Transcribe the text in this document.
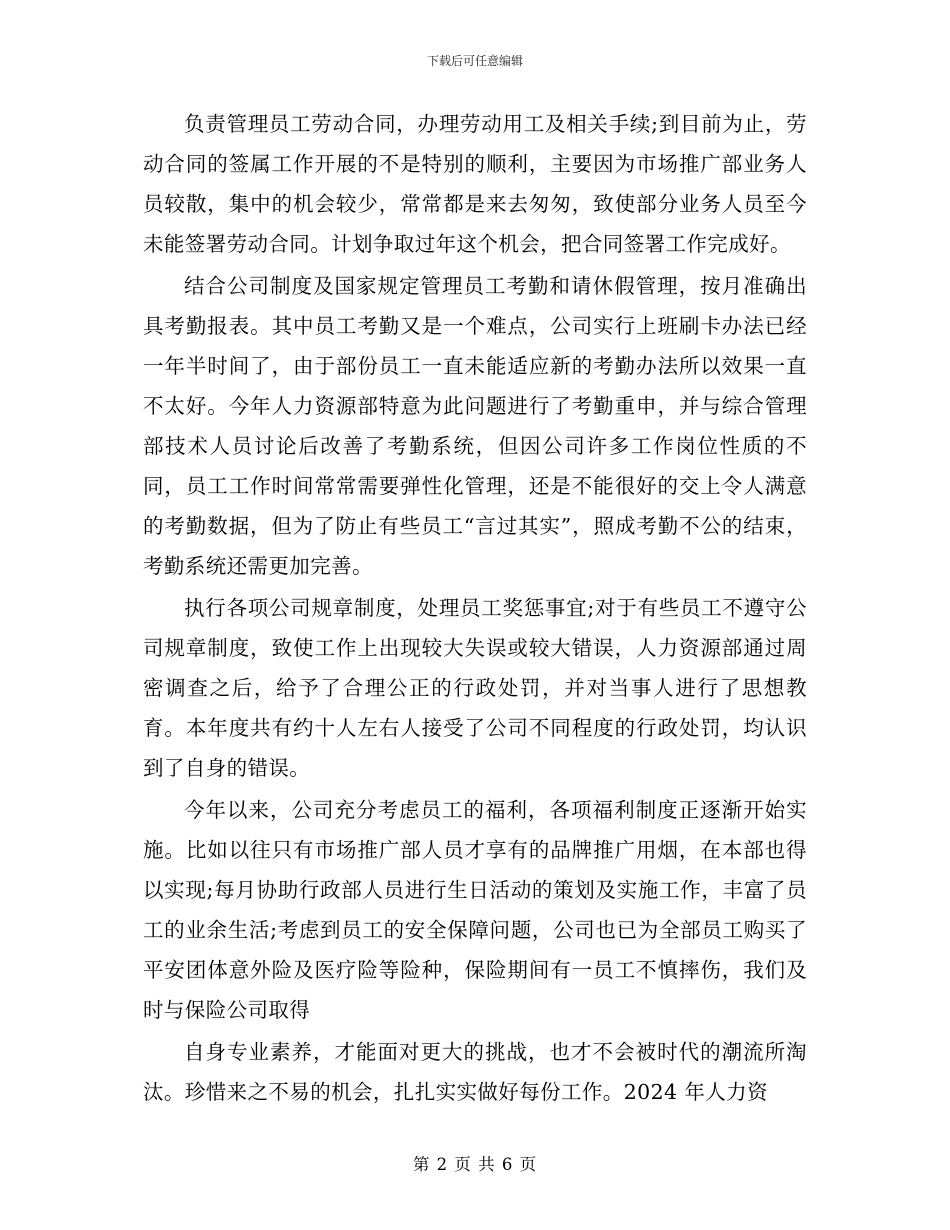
下载后可任意编辑

负责管理员工劳动合同，办理劳动用工及相关手续;到目前为止，劳动合同的签属工作开展的不是特别的顺利，主要因为市场推广部业务人员较散，集中的机会较少，常常都是来去匆匆，致使部分业务人员至今未能签署劳动合同。计划争取过年这个机会，把合同签署工作完成好。

结合公司制度及国家规定管理员工考勤和请休假管理，按月准确出具考勤报表。其中员工考勤又是一个难点，公司实行上班刷卡办法已经一年半时间了，由于部份员工一直未能适应新的考勤办法所以效果一直不太好。今年人力资源部特意为此问题进行了考勤重申，并与综合管理部技术人员讨论后改善了考勤系统，但因公司许多工作岗位性质的不同，员工工作时间常常需要弹性化管理，还是不能很好的交上令人满意的考勤数据，但为了防止有些员工“言过其实”，照成考勤不公的结束，考勤系统还需更加完善。

执行各项公司规章制度，处理员工奖惩事宜;对于有些员工不遵守公司规章制度，致使工作上出现较大失误或较大错误，人力资源部通过周密调查之后，给予了合理公正的行政处罚，并对当事人进行了思想教育。本年度共有约十人左右人接受了公司不同程度的行政处罚，均认识到了自身的错误。

今年以来，公司充分考虑员工的福利，各项福利制度正逐渐开始实施。比如以往只有市场推广部人员才享有的品牌推广用烟，在本部也得以实现;每月协助行政部人员进行生日活动的策划及实施工作，丰富了员工的业余生活;考虑到员工的安全保障问题，公司也已为全部员工购买了平安团体意外险及医疗险等险种，保险期间有一员工不慎摔伤，我们及时与保险公司取得

自身专业素养，才能面对更大的挑战，也才不会被时代的潮流所淘汰。珍惜来之不易的机会，扎扎实实做好每份工作。2024 年人力资

第 2 页 共 6 页
